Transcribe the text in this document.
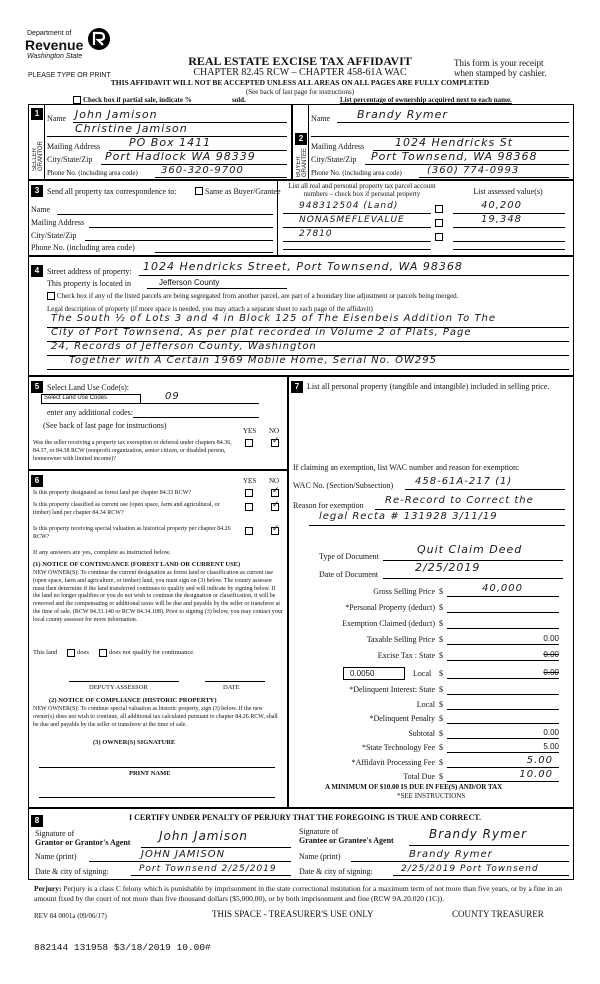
Department of
Revenue
Washington State
PLEASE TYPE OR PRINT
REAL ESTATE EXCISE TAX AFFIDAVIT
CHAPTER 82.45 RCW – CHAPTER 458-61A WAC
THIS AFFIDAVIT WILL NOT BE ACCEPTED UNLESS ALL AREAS ON ALL PAGES ARE FULLY COMPLETED
(See back of last page for instructions)
This form is your receipt
when stamped by cashier.
Check box if partial sale, indicate %	sold.	List percentage of ownership acquired next to each name.
1
SELLER GRANTOR
Name John Jamison
Christine Jamison
Mailing Address	PO Box 1411
City/State/Zip Port Hadlock WA 98339
Phone No. (including area code) 360-320-9700
2
BUYER GRANTEE
Name Brandy Rymer
Mailing Address	1024 Hendricks St
City/State/Zip Port Townsend, WA 98368
Phone No. (including area code)	(360) 774-0993
3 Send all property tax correspondence to:	Same as Buyer/Grantee
Name
Mailing Address
City/State/Zip
Phone No. (including area code)
List all real and personal property tax parcel account numbers – check box if personal property	List assessed value(s)
948312504 (Land)	40,200
NONASMEFLEVALUE	19,348
27810
4 Street address of property: 1024 Hendricks Street, Port Townsend, WA 98368
This property is located in	Jefferson County
Check box if any of the listed parcels are being segregated from another parcel, are part of a boundary line adjustment or parcels being merged.
Legal description of property (if more space is needed, you may attach a separate sheet to each page of the affidavit)
The South ½ of Lots 3 and 4 in Block 125 of The Eisenbeis Addition To The
City of Port Townsend, As per plat recorded in Volume 2 of Plats, Page
24, Records of Jefferson County, Washington
Together with A Certain 1969 Mobile Home, Serial No. OW295
5 Select Land Use Code(s):
Select Land Use Codes	09
enter any additional codes:
(See back of last page for instructions)
YES NO
Was the seller receiving a property tax exemption or deferral under chapters 84.36, 84.37, or 84.38 RCW (nonprofit organization, senior citizen, or disabled person, homeowner with limited income)?
✓
6	YES NO
Is this property designated as forest land per chapter 84.33 RCW?	✓
Is this property classified as current use (open space, farm and agricultural, or timber) land per chapter 84.34 RCW?
✓
Is this property receiving special valuation as historical property per chapter 84.26 RCW?
✓
If any answers are yes, complete as instructed below.
(1) NOTICE OF CONTINUANCE (FOREST LAND OR CURRENT USE)
NEW OWNER(S): To continue the current designation as forest land or classification as current use (open space, farm and agriculture, or timber) land, you must sign on (3) below. The county assessor must then determine if the land transferred continues to qualify and will indicate by signing below. If the land no longer qualifies or you do not wish to continue the designation or classification, it will be removed and the compensating or additional taxes will be due and payable by the seller or transferor at the time of sale. (RCW 84.33.140 or RCW 84.34.108). Prior to signing (3) below, you may contact your local county assessor for more information.
This land	does	does not qualify for continuance.
DEPUTY ASSESSOR	DATE
(2) NOTICE OF COMPLIANCE (HISTORIC PROPERTY)
NEW OWNER(S): To continue special valuation as historic property, sign (3) below. If the new owner(s) does not wish to continue, all additional tax calculated pursuant to chapter 84.26 RCW, shall be due and payable by the seller or transferor at the time of sale.
(3) OWNER(S) SIGNATURE
PRINT NAME
7 List all personal property (tangible and intangible) included in selling price.
If claiming an exemption, list WAC number and reason for exemption:
WAC No. (Section/Subsection) 458-61A-217 (1)
Reason for exemption Re-Record to Correct the
legal Recta # 131928 3/11/19
Type of Document
Quit Claim Deed
Date of Document
2/25/2019
Gross Selling Price $	40,000
*Personal Property (deduct) $
Exemption Claimed (deduct) $
Taxable Selling Price $	0.00
Excise Tax : State $	0.00
0.0050	Local $	0.00
*Delinquent Interest: State $
Local $
*Delinquent Penalty $
Subtotal $	0.00
*State Technology Fee $	5.00
*Affidavit Processing Fee $	5.00
Total Due $	10.00
A MINIMUM OF $10.00 IS DUE IN FEE(S) AND/OR TAX
*SEE INSTRUCTIONS
8	I CERTIFY UNDER PENALTY OF PERJURY THAT THE FOREGOING IS TRUE AND CORRECT.
Signature of
Grantor or Grantor's Agent John Jamison
Name (print)	JOHN JAMISON
Date & city of signing:	Port Townsend 2/25/2019
Signature of
Grantee or Grantee's Agent	Brandy Rymer
Name (print)	Brandy Rymer
Date & city of signing:	2/25/2019 Port Townsend
Perjury: Perjury is a class C felony which is punishable by imprisonment in the state correctional institution for a maximum term of not more than five years, or by a fine in an amount fixed by the court of not more than five thousand dollars ($5,000.00), or by both imprisonment and fine (RCW 9A.20.020 (1C)).
REV 84 0001a (09/06/17)	THIS SPACE - TREASURER'S USE ONLY	COUNTY TREASURER
882144 131958 $3/18/2019 10.00#
